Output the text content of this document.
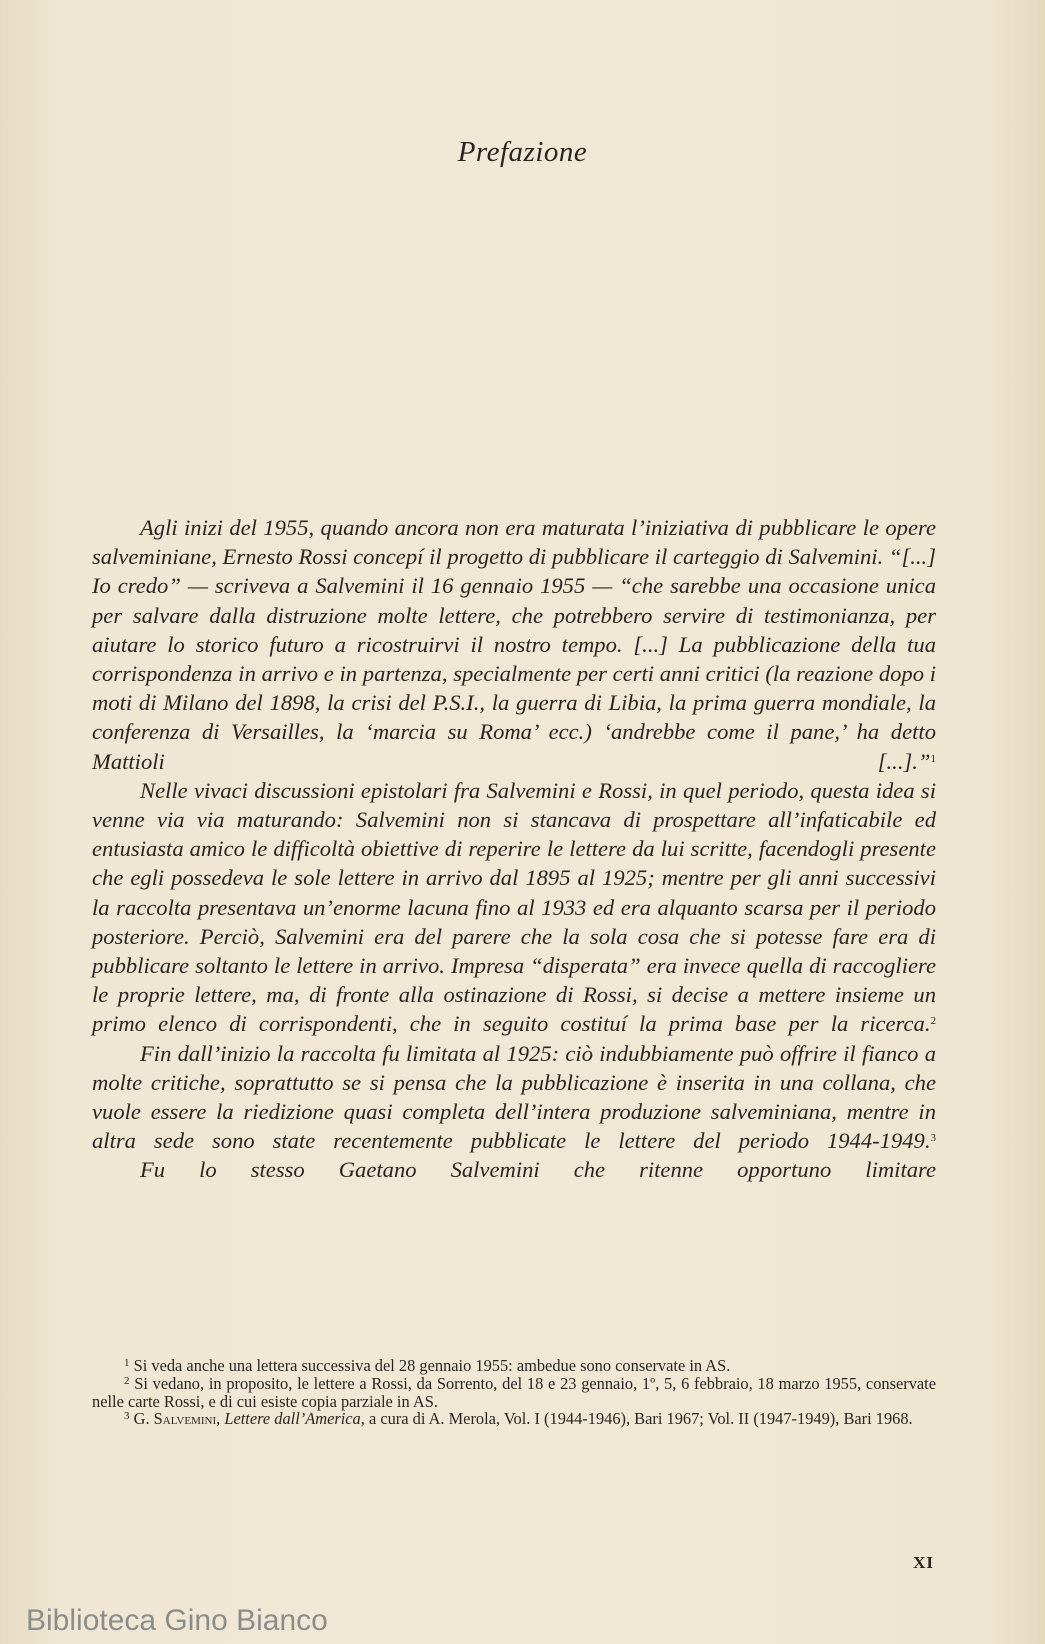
Prefazione

Agli inizi del 1955, quando ancora non era maturata l’iniziativa di pubblicare le opere salveminiane, Ernesto Rossi concepí il progetto di pubblicare il carteggio di Salvemini. “[...] Io credo” — scriveva a Salvemini il 16 gennaio 1955 — “che sarebbe una occasione unica per salvare dalla distruzione molte lettere, che potrebbero servire di testimonianza, per aiutare lo storico futuro a ricostruirvi il nostro tempo. [...] La pubblicazione della tua corrispondenza in arrivo e in partenza, specialmente per certi anni critici (la reazione dopo i moti di Milano del 1898, la crisi del P.S.I., la guerra di Libia, la prima guerra mondiale, la conferenza di Versailles, la ‘marcia su Roma’ ecc.) ‘andrebbe come il pane,’ ha detto Mattioli [...].”$^1$

Nelle vivaci discussioni epistolari fra Salvemini e Rossi, in quel periodo, questa idea si venne via via maturando: Salvemini non si stancava di prospettare all’infaticabile ed entusiasta amico le difficoltà obiettive di reperire le lettere da lui scritte, facendogli presente che egli possedeva le sole lettere in arrivo dal 1895 al 1925; mentre per gli anni successivi la raccolta presentava un’enorme lacuna fino al 1933 ed era alquanto scarsa per il periodo posteriore. Perciò, Salvemini era del parere che la sola cosa che si potesse fare era di pubblicare soltanto le lettere in arrivo. Impresa “disperata” era invece quella di raccogliere le proprie lettere, ma, di fronte alla ostinazione di Rossi, si decise a mettere insieme un primo elenco di corrispondenti, che in seguito costituí la prima base per la ricerca.$^2$

Fin dall’inizio la raccolta fu limitata al 1925: ciò indubbiamente può offrire il fianco a molte critiche, soprattutto se si pensa che la pubblicazione è inserita in una collana, che vuole essere la riedizione quasi completa dell’intera produzione salveminiana, mentre in altra sede sono state recentemente pubblicate le lettere del periodo 1944-1949.$^3$

Fu lo stesso Gaetano Salvemini che ritenne opportuno limitare

$^1$ Si veda anche una lettera successiva del 28 gennaio 1955: ambedue sono conservate in AS.

$^2$ Si vedano, in proposito, le lettere a Rossi, da Sorrento, del 18 e 23 gennaio, 1º, 5, 6 febbraio, 18 marzo 1955, conservate nelle carte Rossi, e di cui esiste copia parziale in AS.

$^3$ G. Salvemini, Lettere dall’America, a cura di A. Merola, Vol. I (1944-1946), Bari 1967; Vol. II (1947-1949), Bari 1968.

XI
Biblioteca Gino Bianco
